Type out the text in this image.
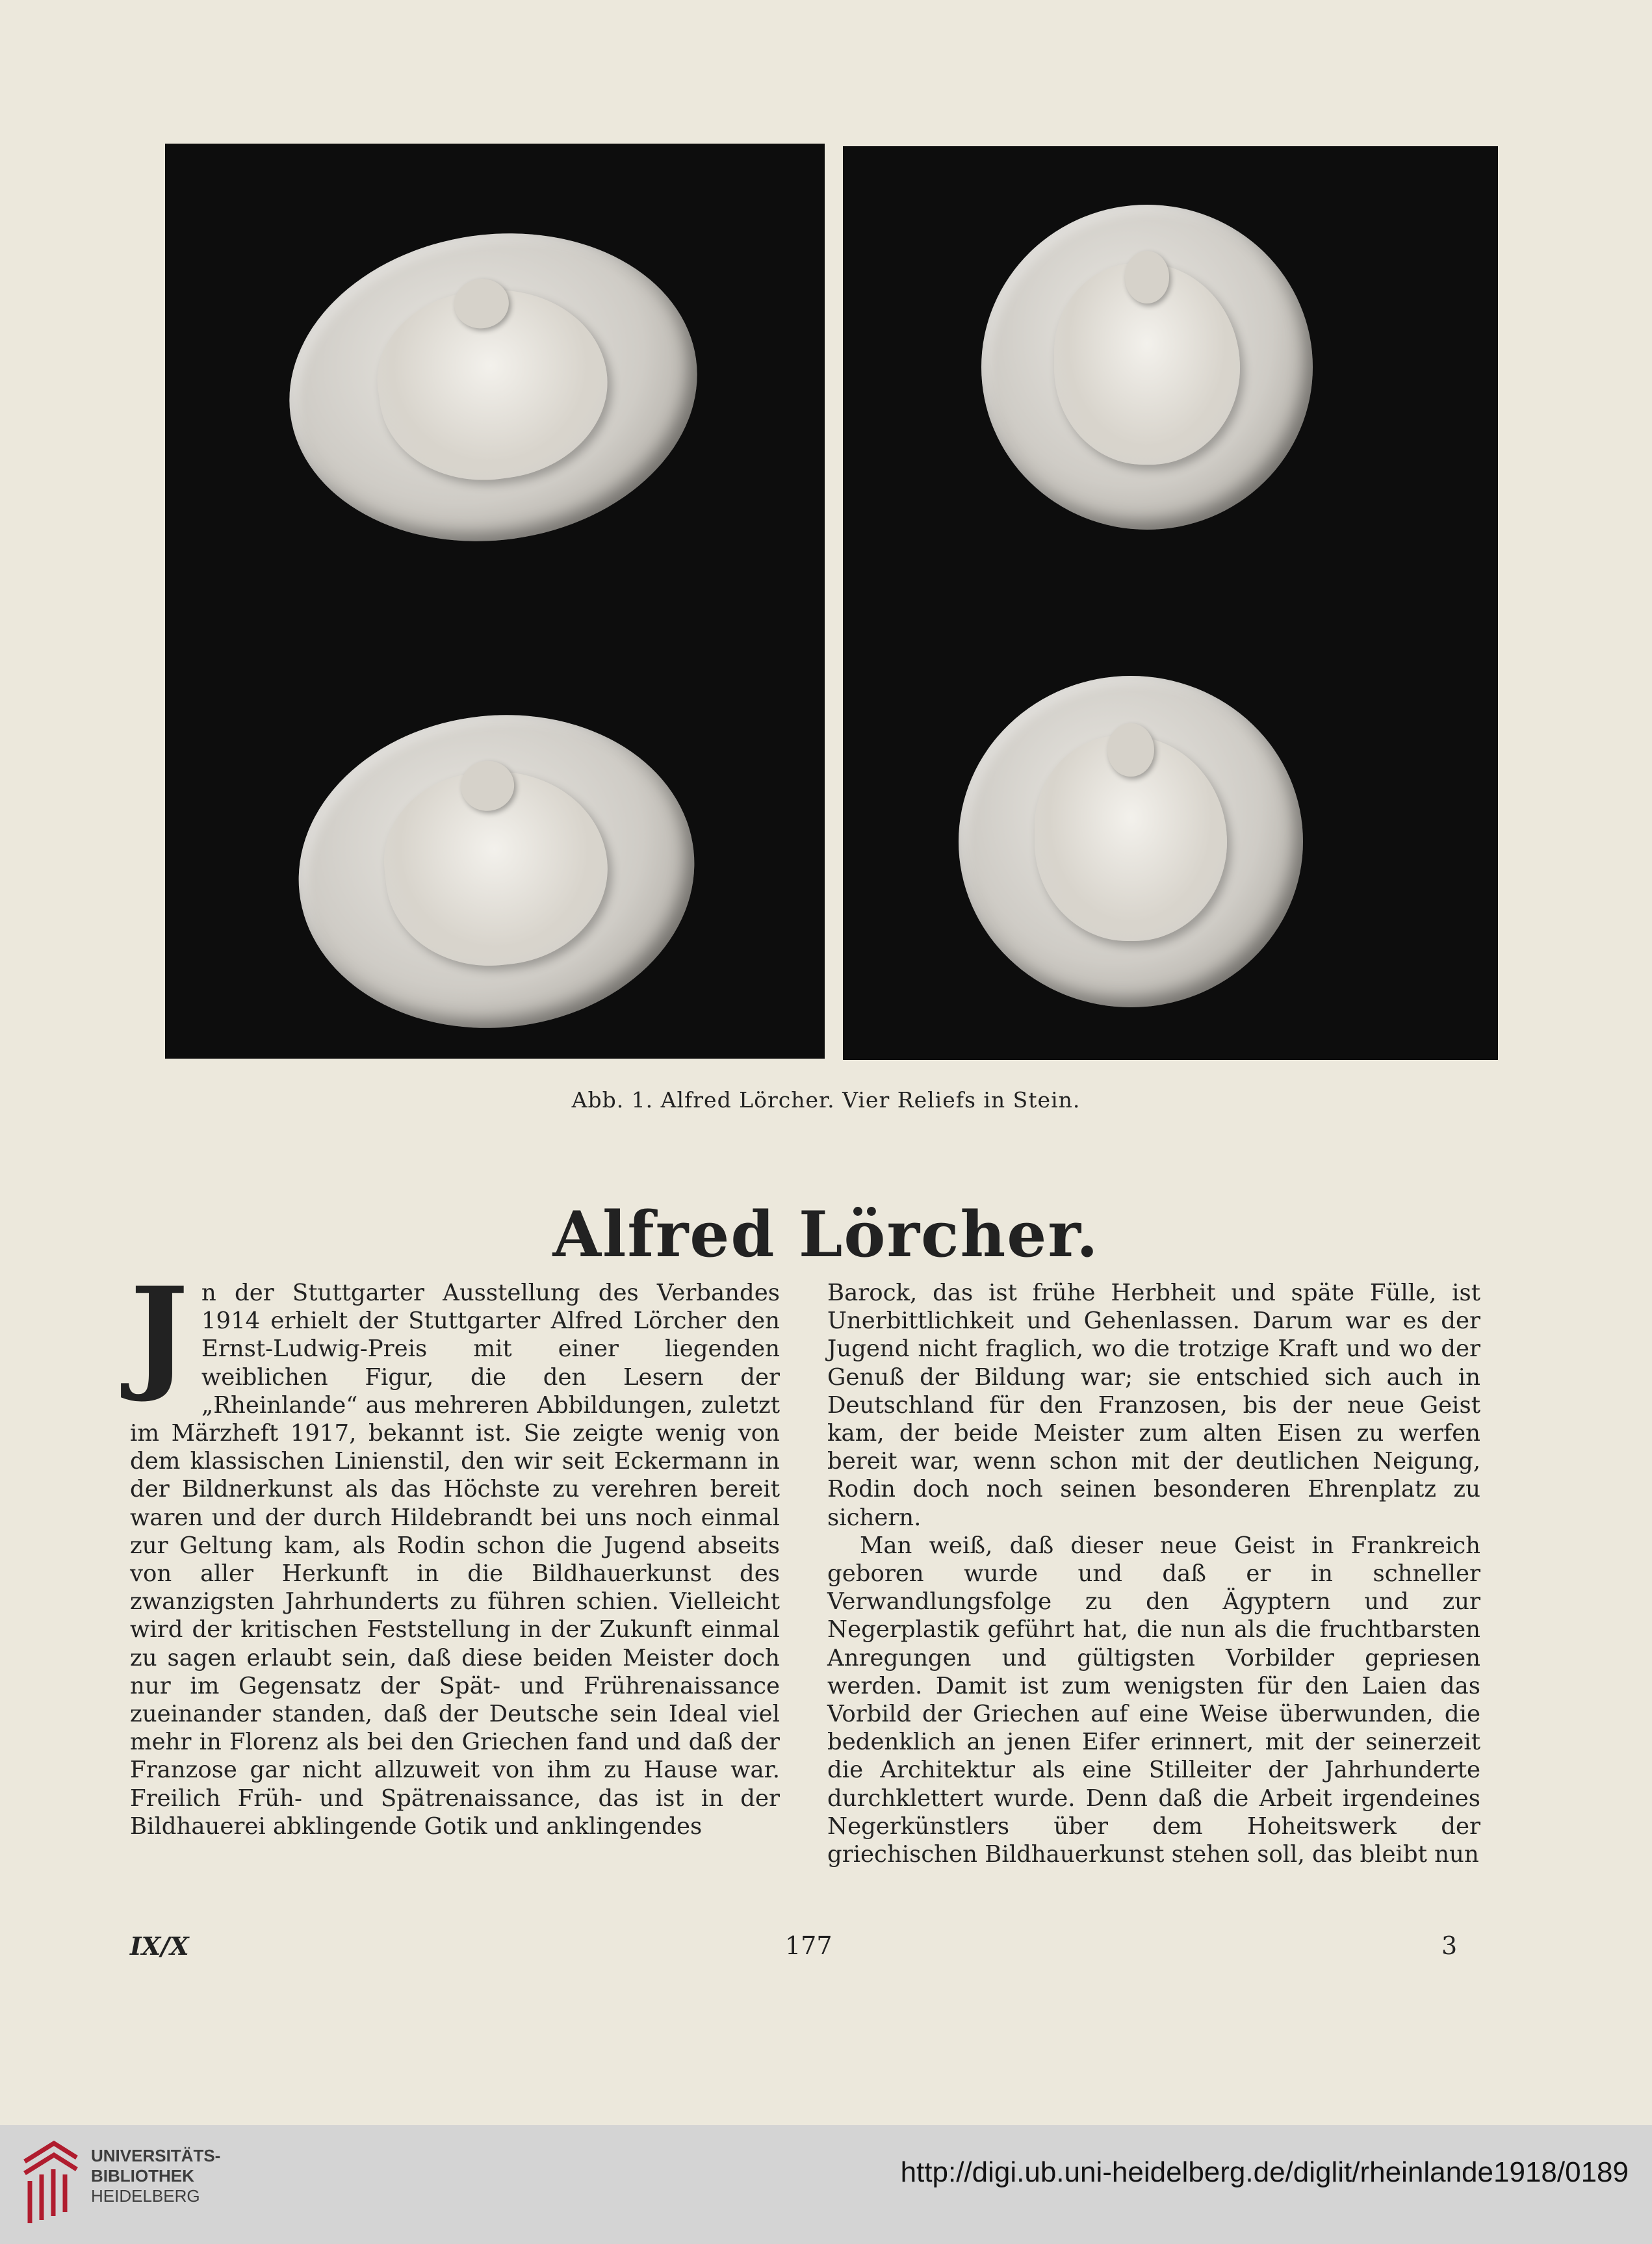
Abb. 1. Alfred Lörcher. Vier Reliefs in Stein.
Alfred Lörcher.

Jn der Stuttgarter Ausstellung des Verbandes 1914 erhielt der Stuttgarter Alfred Lörcher den Ernst-Ludwig-Preis mit einer liegenden weiblichen Figur, die den Lesern der „Rheinlande“ aus mehreren Abbildungen, zuletzt im Märzheft 1917, bekannt ist. Sie zeigte wenig von dem klassischen Linienstil, den wir seit Eckermann in der Bildnerkunst als das Höchste zu verehren bereit waren und der durch Hildebrandt bei uns noch einmal zur Geltung kam, als Rodin schon die Jugend abseits von aller Herkunft in die Bildhauerkunst des zwanzigsten Jahrhunderts zu führen schien. Vielleicht wird der kritischen Feststellung in der Zukunft einmal zu sagen erlaubt sein, daß diese beiden Meister doch nur im Gegensatz der Spät- und Frührenaissance zueinander standen, daß der Deutsche sein Ideal viel mehr in Florenz als bei den Griechen fand und daß der Franzose gar nicht allzuweit von ihm zu Hause war. Freilich Früh- und Spätrenaissance, das ist in der Bildhauerei abklingende Gotik und anklingendes

Barock, das ist frühe Herbheit und späte Fülle, ist Unerbittlichkeit und Gehenlassen. Darum war es der Jugend nicht fraglich, wo die trotzige Kraft und wo der Genuß der Bildung war; sie entschied sich auch in Deutschland für den Franzosen, bis der neue Geist kam, der beide Meister zum alten Eisen zu werfen bereit war, wenn schon mit der deutlichen Neigung, Rodin doch noch seinen besonderen Ehrenplatz zu sichern.

Man weiß, daß dieser neue Geist in Frankreich geboren wurde und daß er in schneller Verwandlungsfolge zu den Ägyptern und zur Negerplastik geführt hat, die nun als die fruchtbarsten Anregungen und gültigsten Vorbilder gepriesen werden. Damit ist zum wenigsten für den Laien das Vorbild der Griechen auf eine Weise überwunden, die bedenklich an jenen Eifer erinnert, mit der seinerzeit die Architektur als eine Stilleiter der Jahrhunderte durchklettert wurde. Denn daß die Arbeit irgendeines Negerkünstlers über dem Hoheitswerk der griechischen Bildhauerkunst stehen soll, das bleibt nun

IX/X	177	3
UNIVERSITÄTS-
BIBLIOTHEK
HEIDELBERG
http://digi.ub.uni-heidelberg.de/diglit/rheinlande1918/0189
